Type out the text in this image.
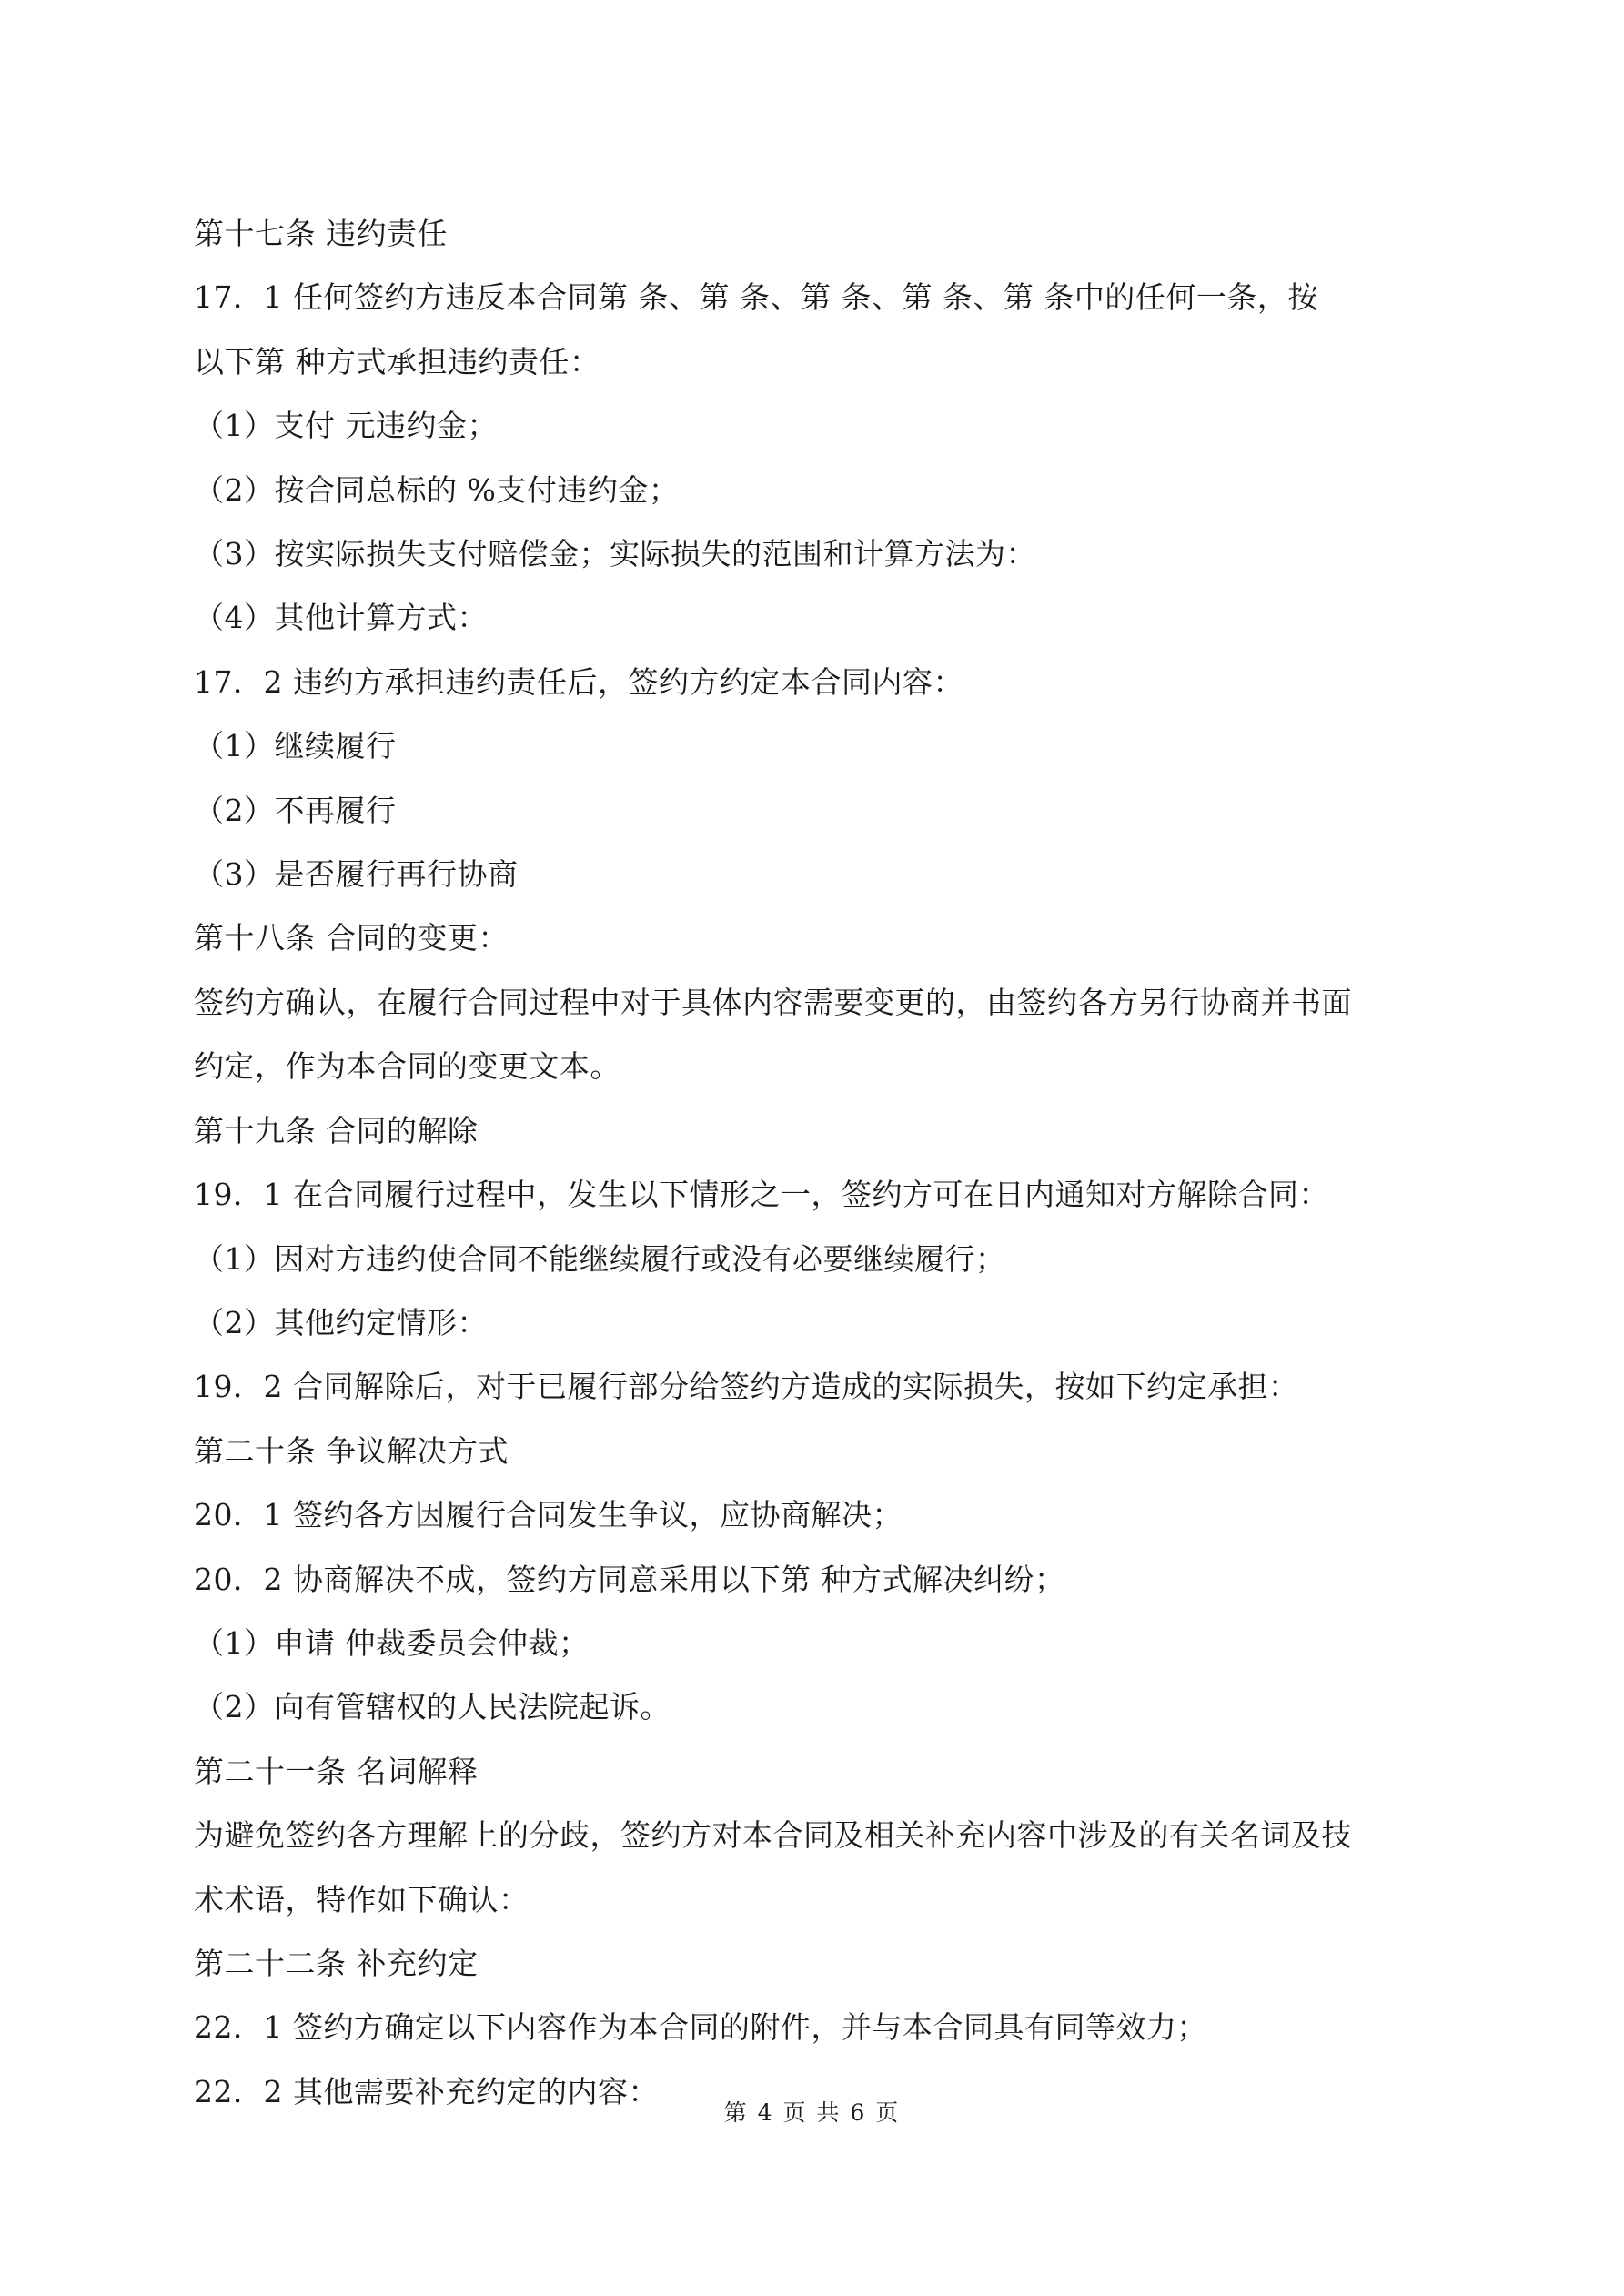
第十七条 违约责任
17．1 任何签约方违反本合同第 条、第 条、第 条、第 条、第 条中的任何一条，按
以下第 种方式承担违约责任：
（1）支付 元违约金；
（2）按合同总标的 %支付违约金；
（3）按实际损失支付赔偿金；实际损失的范围和计算方法为：
（4）其他计算方式：
17．2 违约方承担违约责任后，签约方约定本合同内容：
（1）继续履行
（2）不再履行
（3）是否履行再行协商
第十八条 合同的变更：
签约方确认，在履行合同过程中对于具体内容需要变更的，由签约各方另行协商并书面
约定，作为本合同的变更文本。
第十九条 合同的解除
19．1 在合同履行过程中，发生以下情形之一，签约方可在日内通知对方解除合同：
（1）因对方违约使合同不能继续履行或没有必要继续履行；
（2）其他约定情形：
19．2 合同解除后，对于已履行部分给签约方造成的实际损失，按如下约定承担：
第二十条 争议解决方式
20．1 签约各方因履行合同发生争议，应协商解决；
20．2 协商解决不成，签约方同意采用以下第 种方式解决纠纷；
（1）申请 仲裁委员会仲裁；
（2）向有管辖权的人民法院起诉。
第二十一条 名词解释
为避免签约各方理解上的分歧，签约方对本合同及相关补充内容中涉及的有关名词及技
术术语，特作如下确认：
第二十二条 补充约定
22．1 签约方确定以下内容作为本合同的附件，并与本合同具有同等效力；
22．2 其他需要补充约定的内容：
第 4 页 共 6 页
